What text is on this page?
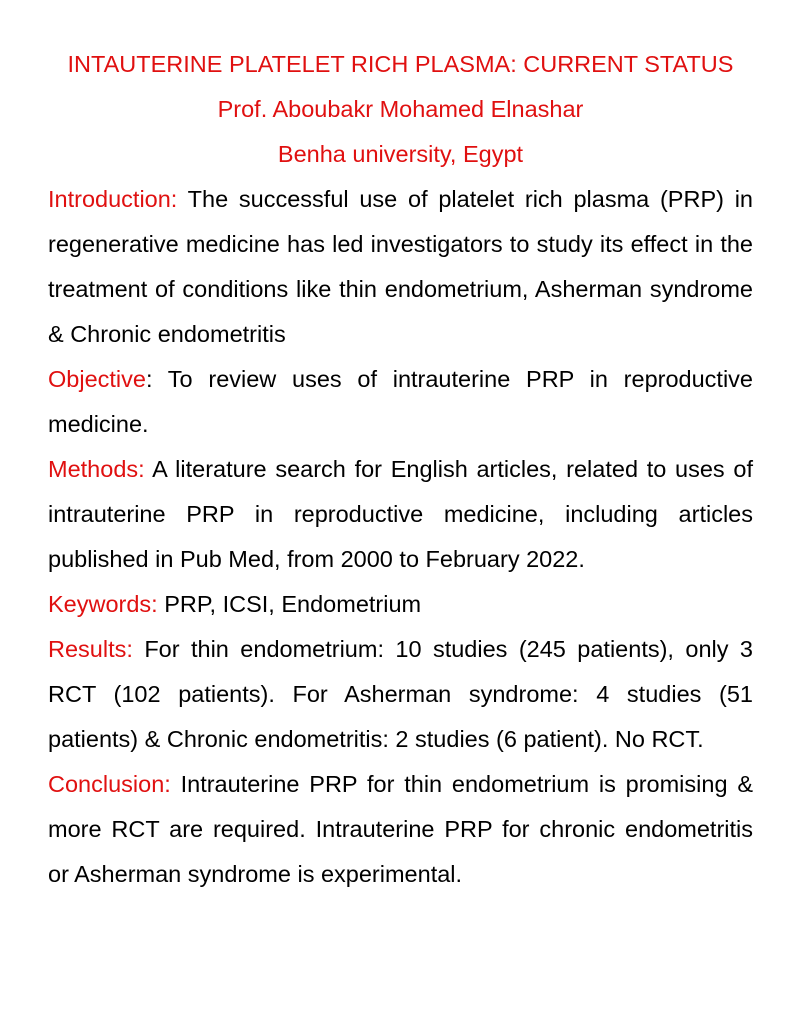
INTAUTERINE PLATELET RICH PLASMA: CURRENT STATUS

Prof. Aboubakr Mohamed Elnashar

Benha university, Egypt

Introduction: The successful use of platelet rich plasma (PRP) in regenerative medicine has led investigators to study its effect in the treatment of conditions like thin endometrium, Asherman syndrome & Chronic endometritis

Objective: To review uses of intrauterine PRP in reproductive medicine.

Methods: A literature search for English articles, related to uses of intrauterine PRP in reproductive medicine, including articles published in Pub Med, from 2000 to February 2022.

Keywords: PRP, ICSI, Endometrium

Results: For thin endometrium: 10 studies (245 patients), only 3 RCT (102 patients). For Asherman syndrome: 4 studies (51 patients) & Chronic endometritis: 2 studies (6 patient). No RCT.

Conclusion: Intrauterine PRP for thin endometrium is promising & more RCT are required. Intrauterine PRP for chronic endometritis or Asherman syndrome is experimental.
